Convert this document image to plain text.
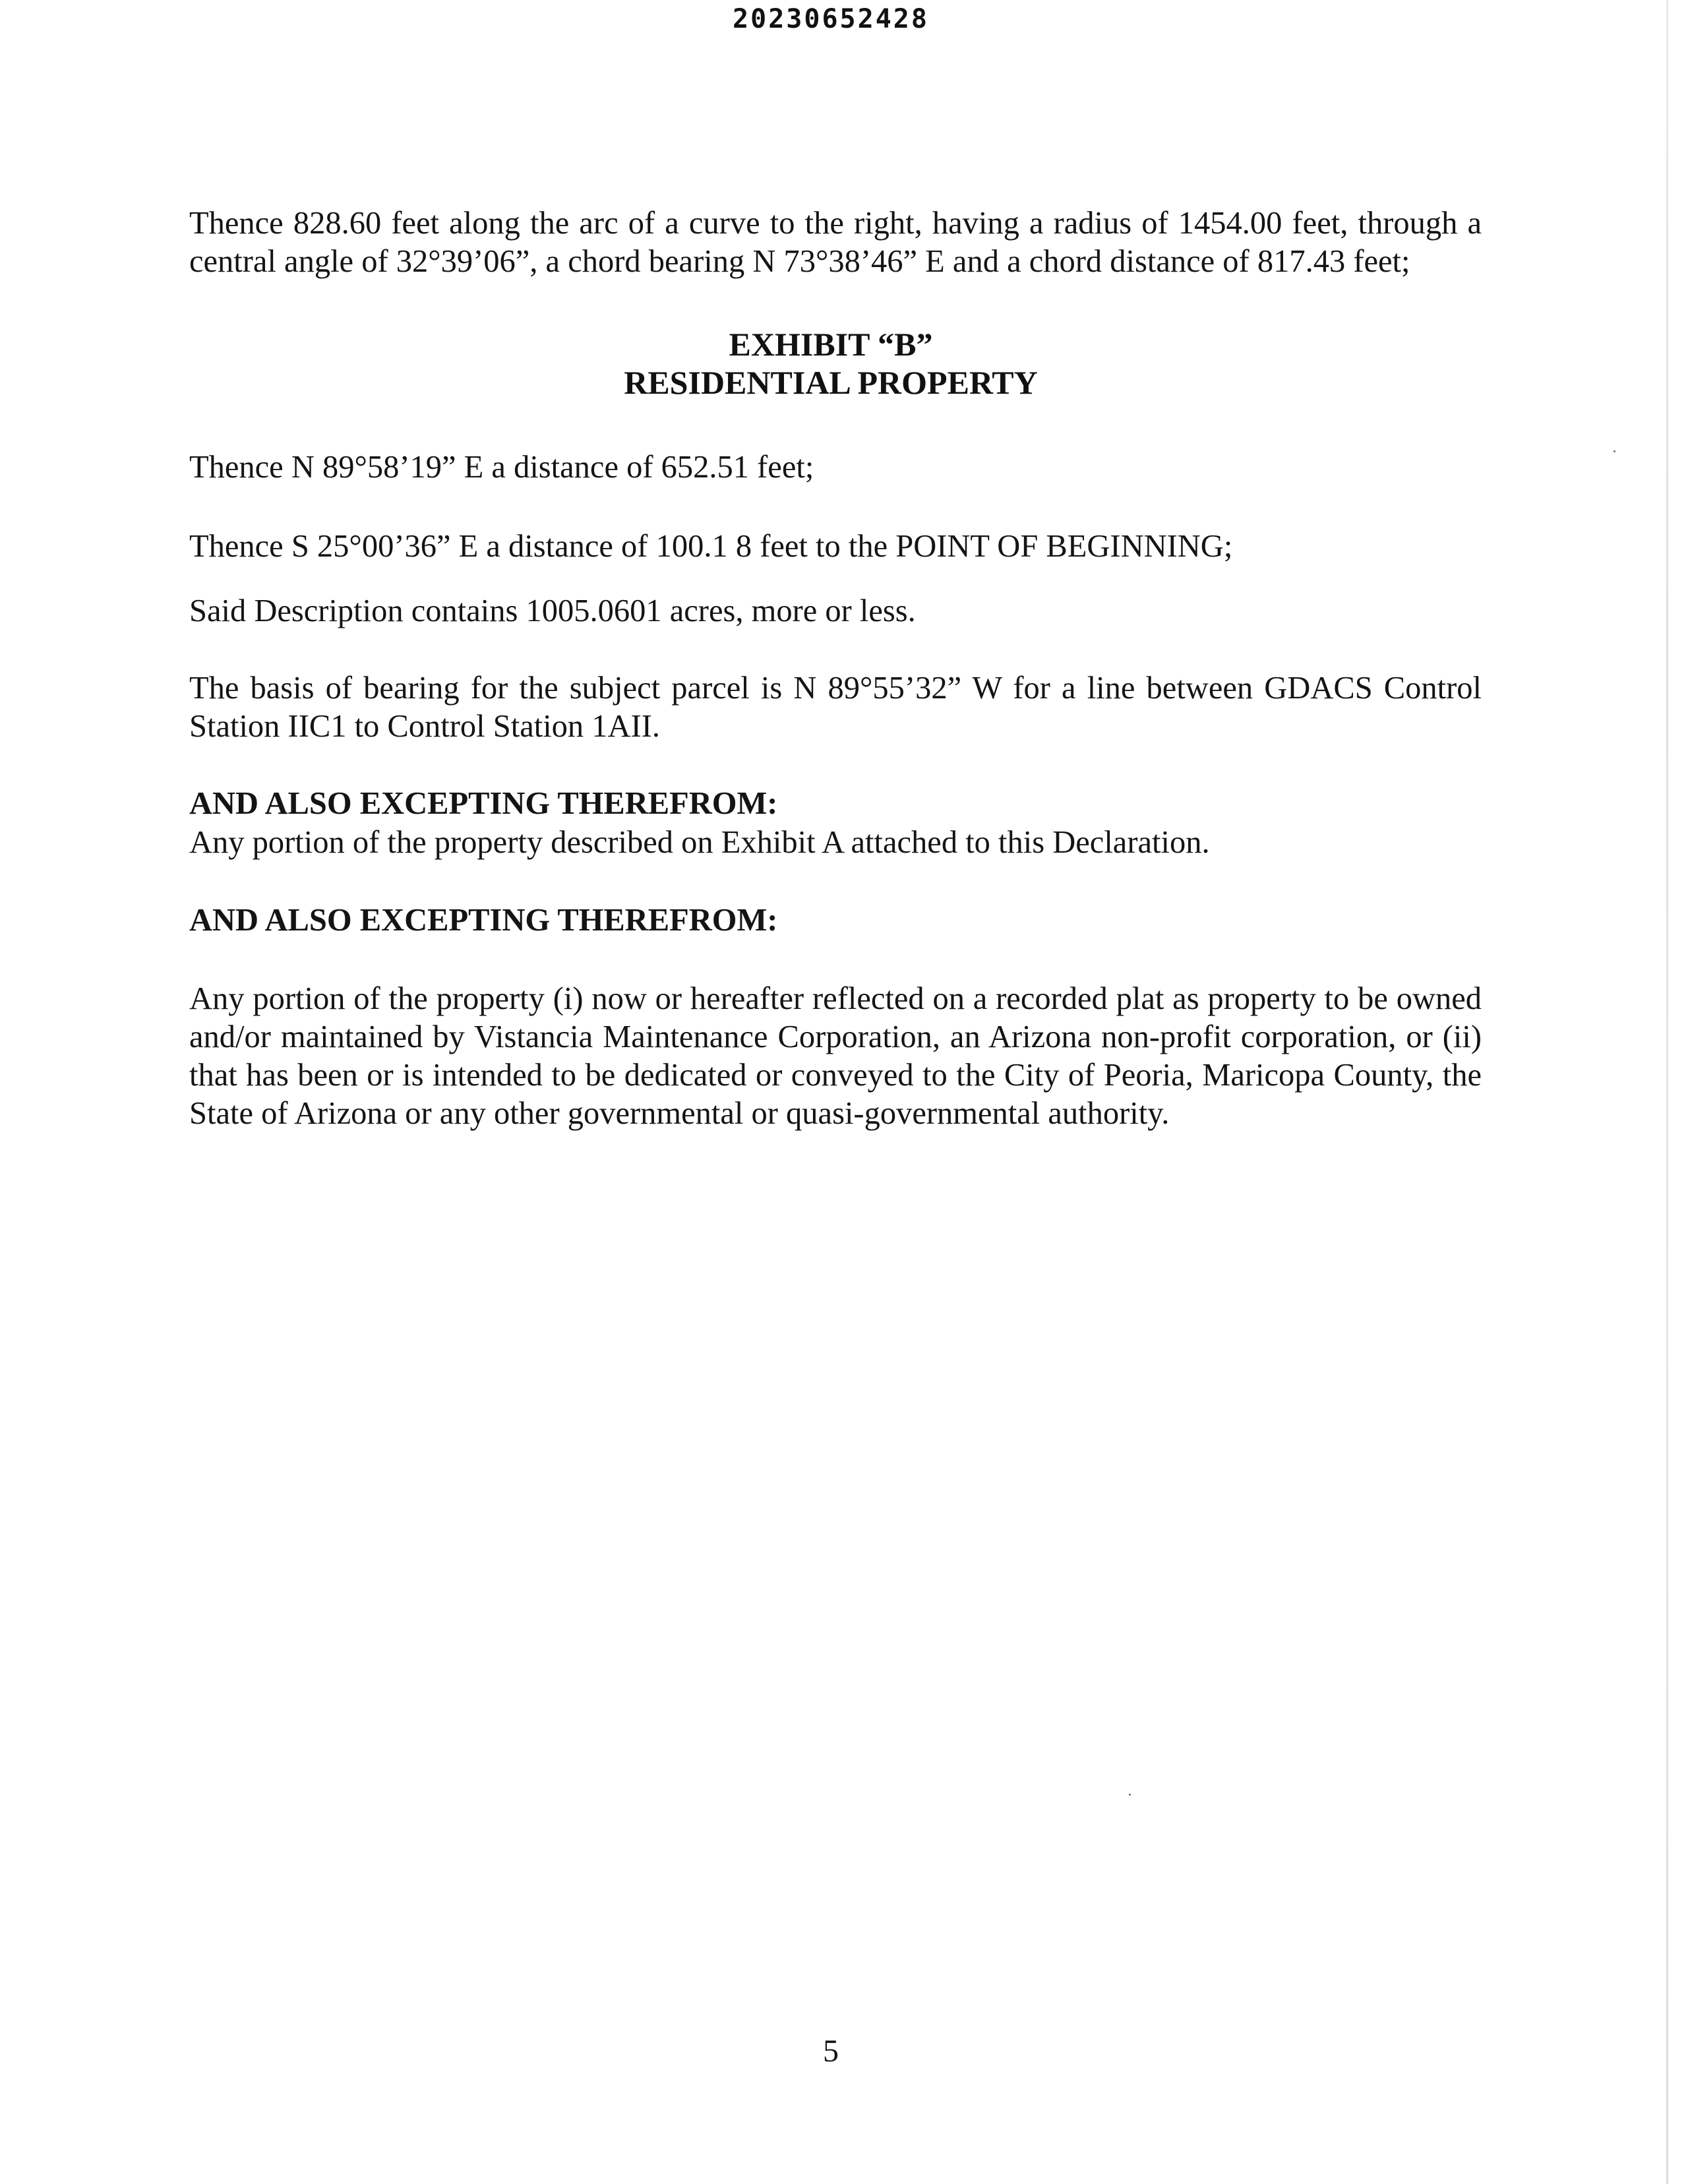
20230652428
Thence 828.60 feet along the arc of a curve to the right, having a radius of 1454.00 feet, through a central angle of 32°39’06”, a chord bearing N 73°38’46” E and a chord distance of 817.43 feet;
EXHIBIT “B”
RESIDENTIAL PROPERTY
Thence N 89°58’19” E a distance of 652.51 feet;
Thence S 25°00’36” E a distance of 100.1 8 feet to the POINT OF BEGINNING;
Said Description contains 1005.0601 acres, more or less.
The basis of bearing for the subject parcel is N 89°55’32” W for a line between GDACS Control Station IIC1 to Control Station 1AII.
AND ALSO EXCEPTING THEREFROM:
Any portion of the property described on Exhibit A attached to this Declaration.
AND ALSO EXCEPTING THEREFROM:
Any portion of the property (i) now or hereafter reflected on a recorded plat as property to be owned and/or maintained by Vistancia Maintenance Corporation, an Arizona non-profit corporation, or (ii) that has been or is intended to be dedicated or conveyed to the City of Peoria, Maricopa County, the State of Arizona or any other governmental or quasi-governmental authority.
5
